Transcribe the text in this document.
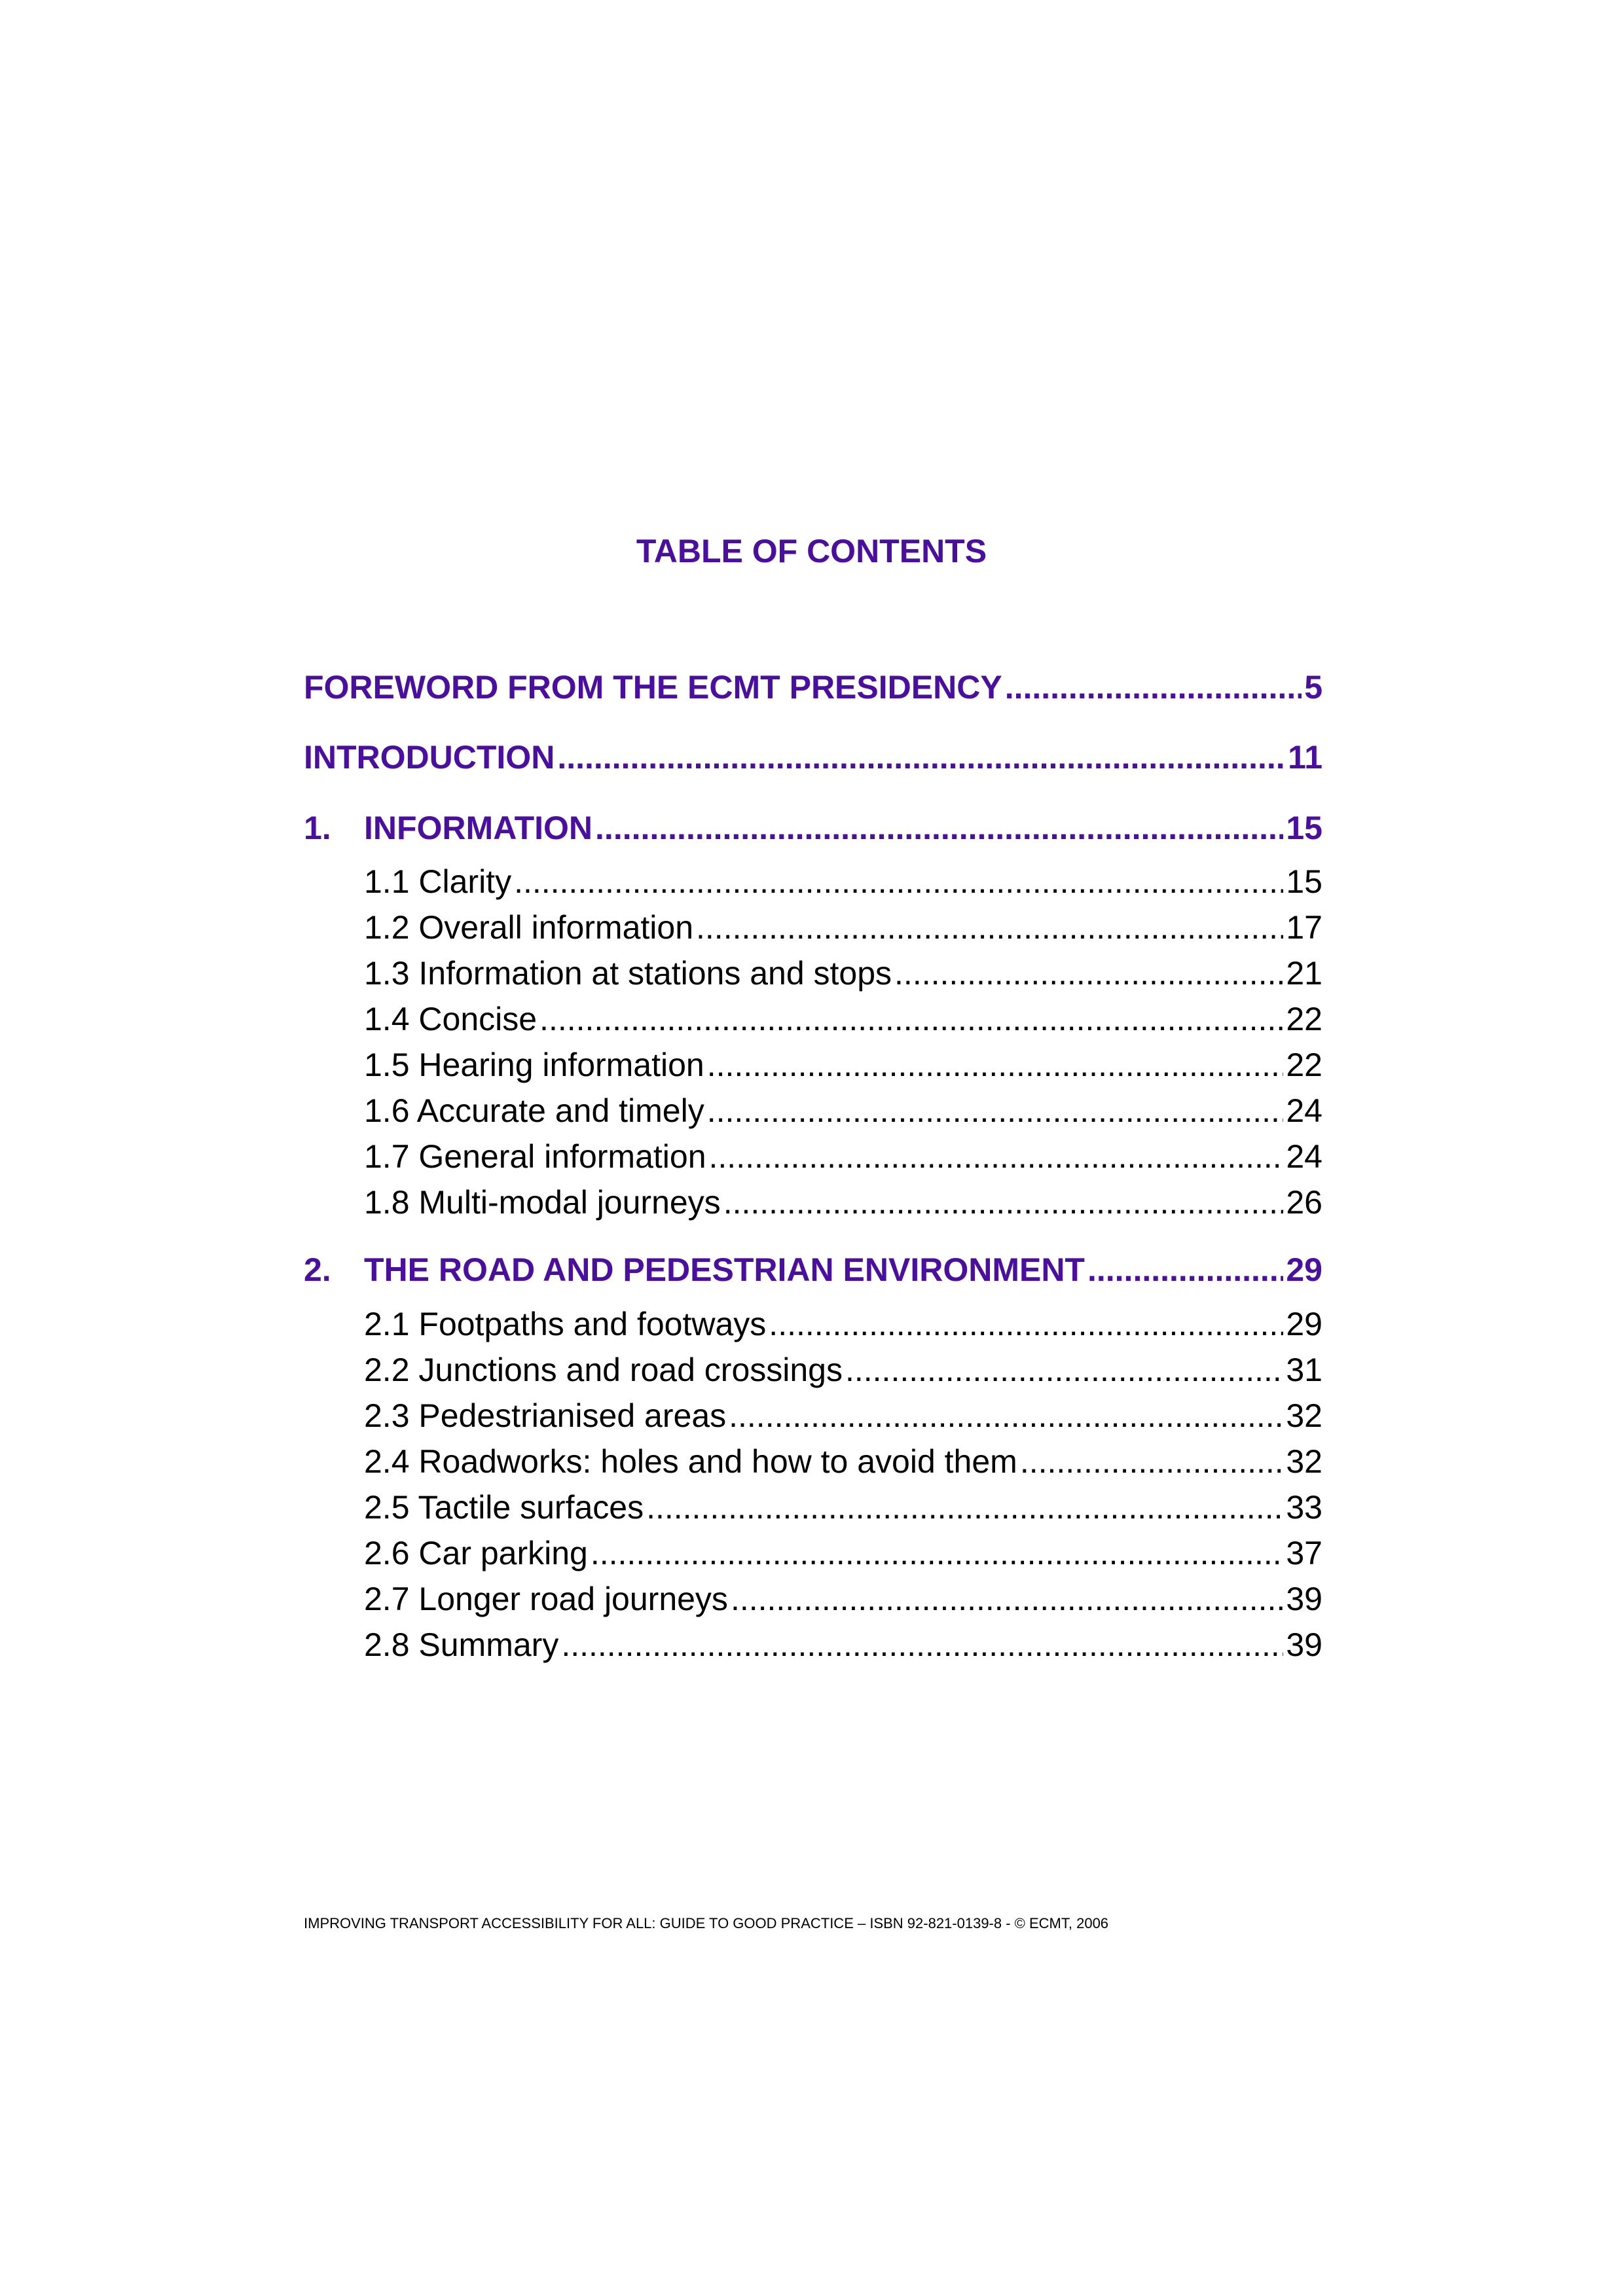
TABLE OF CONTENTS
FOREWORD FROM THE ECMT PRESIDENCY .....	5
INTRODUCTION .....	11
1.	INFORMATION .....	15
1.1 Clarity .....	15
1.2 Overall information .....	17
1.3 Information at stations and stops .....	21
1.4 Concise .....	22
1.5 Hearing information .....	22
1.6 Accurate and timely .....	24
1.7 General information .....	24
1.8 Multi-modal journeys .....	26
2.	THE ROAD AND PEDESTRIAN ENVIRONMENT .....	29
2.1 Footpaths and footways .....	29
2.2 Junctions and road crossings .....	31
2.3 Pedestrianised areas .....	32
2.4 Roadworks: holes and how to avoid them .....	32
2.5 Tactile surfaces .....	33
2.6 Car parking .....	37
2.7 Longer road journeys .....	39
2.8 Summary .....	39
IMPROVING TRANSPORT ACCESSIBILITY FOR ALL: GUIDE TO GOOD PRACTICE – ISBN 92-821-0139-8 - © ECMT, 2006
